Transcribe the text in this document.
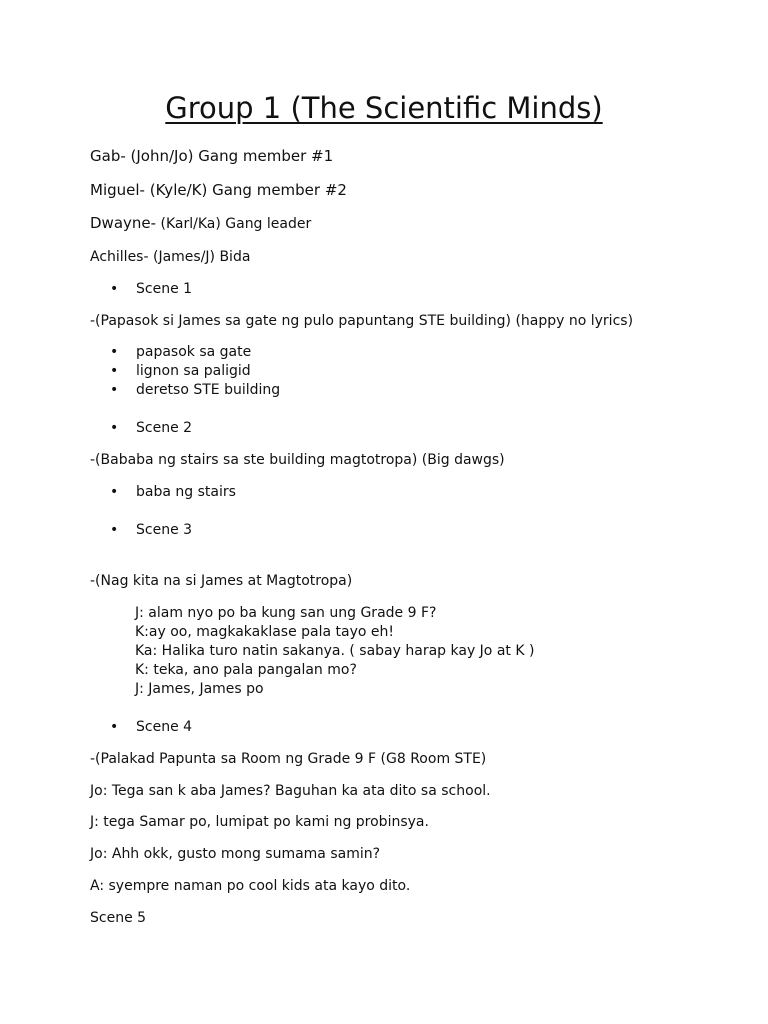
Group 1 (The Scientific Minds)
Gab- (John/Jo) Gang member #1
Miguel- (Kyle/K) Gang member #2
Dwayne- (Karl/Ka) Gang leader
Achilles- (James/J) Bida
• Scene 1
-(Papasok si James sa gate ng pulo papuntang STE building) (happy no lyrics)
• papasok sa gate
• lignon sa paligid
• deretso STE building
• Scene 2
-(Bababa ng stairs sa ste building magtotropa) (Big dawgs)
• baba ng stairs
• Scene 3
-(Nag kita na si James at Magtotropa)
J: alam nyo po ba kung san ung Grade 9 F?
K:ay oo, magkakaklase pala tayo eh!
Ka: Halika turo natin sakanya. ( sabay harap kay Jo at K )
K: teka, ano pala pangalan mo?
J: James, James po
• Scene 4
-(Palakad Papunta sa Room ng Grade 9 F (G8 Room STE)
Jo: Tega san k aba James? Baguhan ka ata dito sa school.
J: tega Samar po, lumipat po kami ng probinsya.
Jo: Ahh okk, gusto mong sumama samin?
A: syempre naman po cool kids ata kayo dito.
Scene 5
